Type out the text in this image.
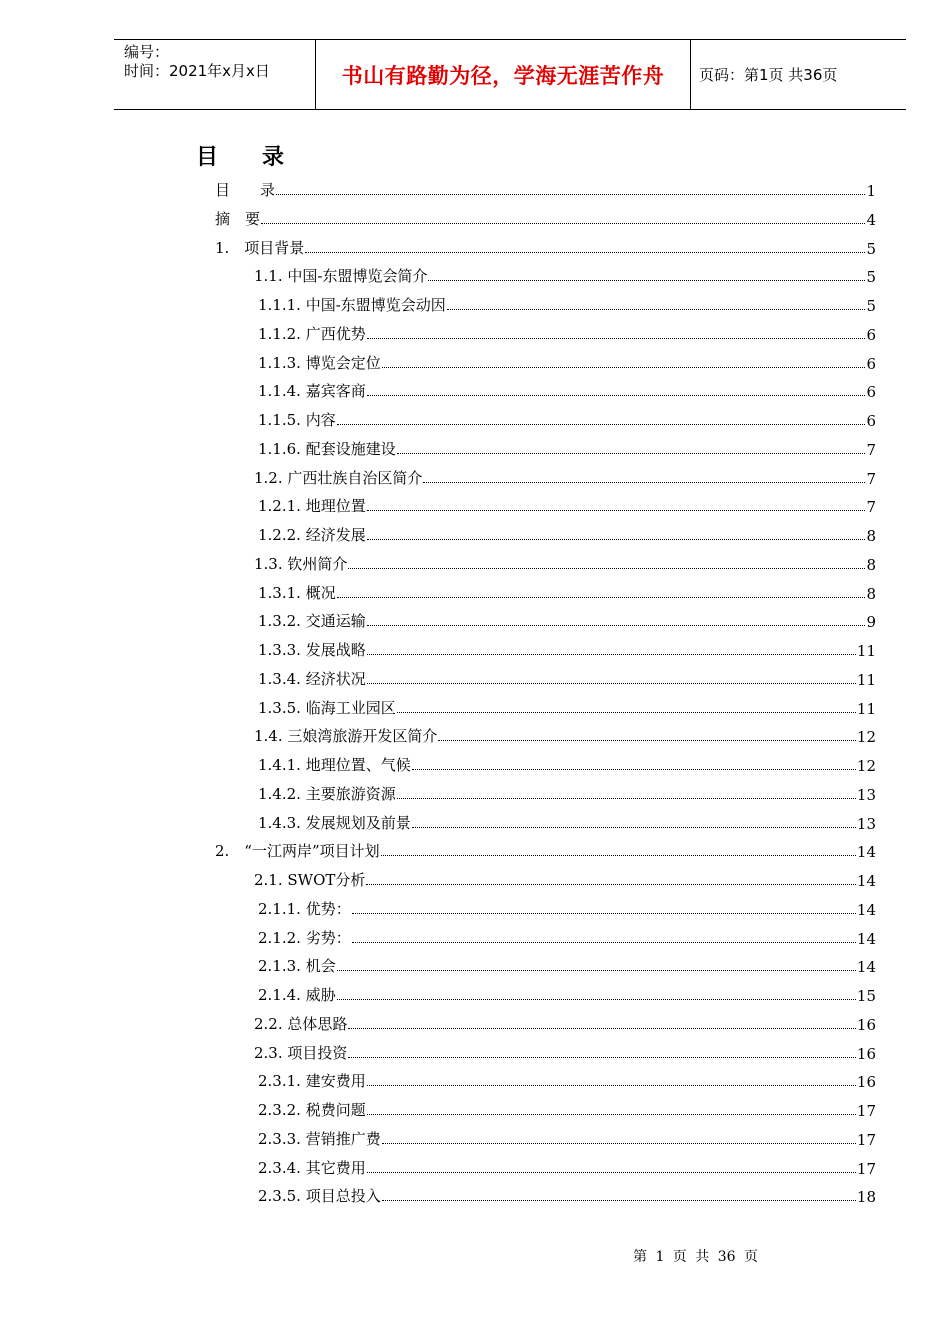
编号：
时间：2021年x月x日	书山有路勤为径，学海无涯苦作舟	页码：第1页 共36页
目　　录
目　　录	1
摘　要	4
1.　项目背景	5
1.1. 中国-东盟博览会简介	5
1.1.1. 中国-东盟博览会动因	5
1.1.2. 广西优势	6
1.1.3. 博览会定位	6
1.1.4. 嘉宾客商	6
1.1.5. 内容	6
1.1.6. 配套设施建设	7
1.2. 广西壮族自治区简介	7
1.2.1. 地理位置	7
1.2.2. 经济发展	8
1.3. 钦州简介	8
1.3.1. 概况	8
1.3.2. 交通运输	9
1.3.3. 发展战略	11
1.3.4. 经济状况	11
1.3.5. 临海工业园区	11
1.4. 三娘湾旅游开发区简介	12
1.4.1. 地理位置、气候	12
1.4.2. 主要旅游资源	13
1.4.3. 发展规划及前景	13
2.　“一江两岸”项目计划	14
2.1. SWOT分析	14
2.1.1. 优势：	14
2.1.2. 劣势：	14
2.1.3. 机会	14
2.1.4. 威胁	15
2.2. 总体思路	16
2.3. 项目投资	16
2.3.1. 建安费用	16
2.3.2. 税费问题	17
2.3.3. 营销推广费	17
2.3.4. 其它费用	17
2.3.5. 项目总投入	18
第 1 页 共 36 页
